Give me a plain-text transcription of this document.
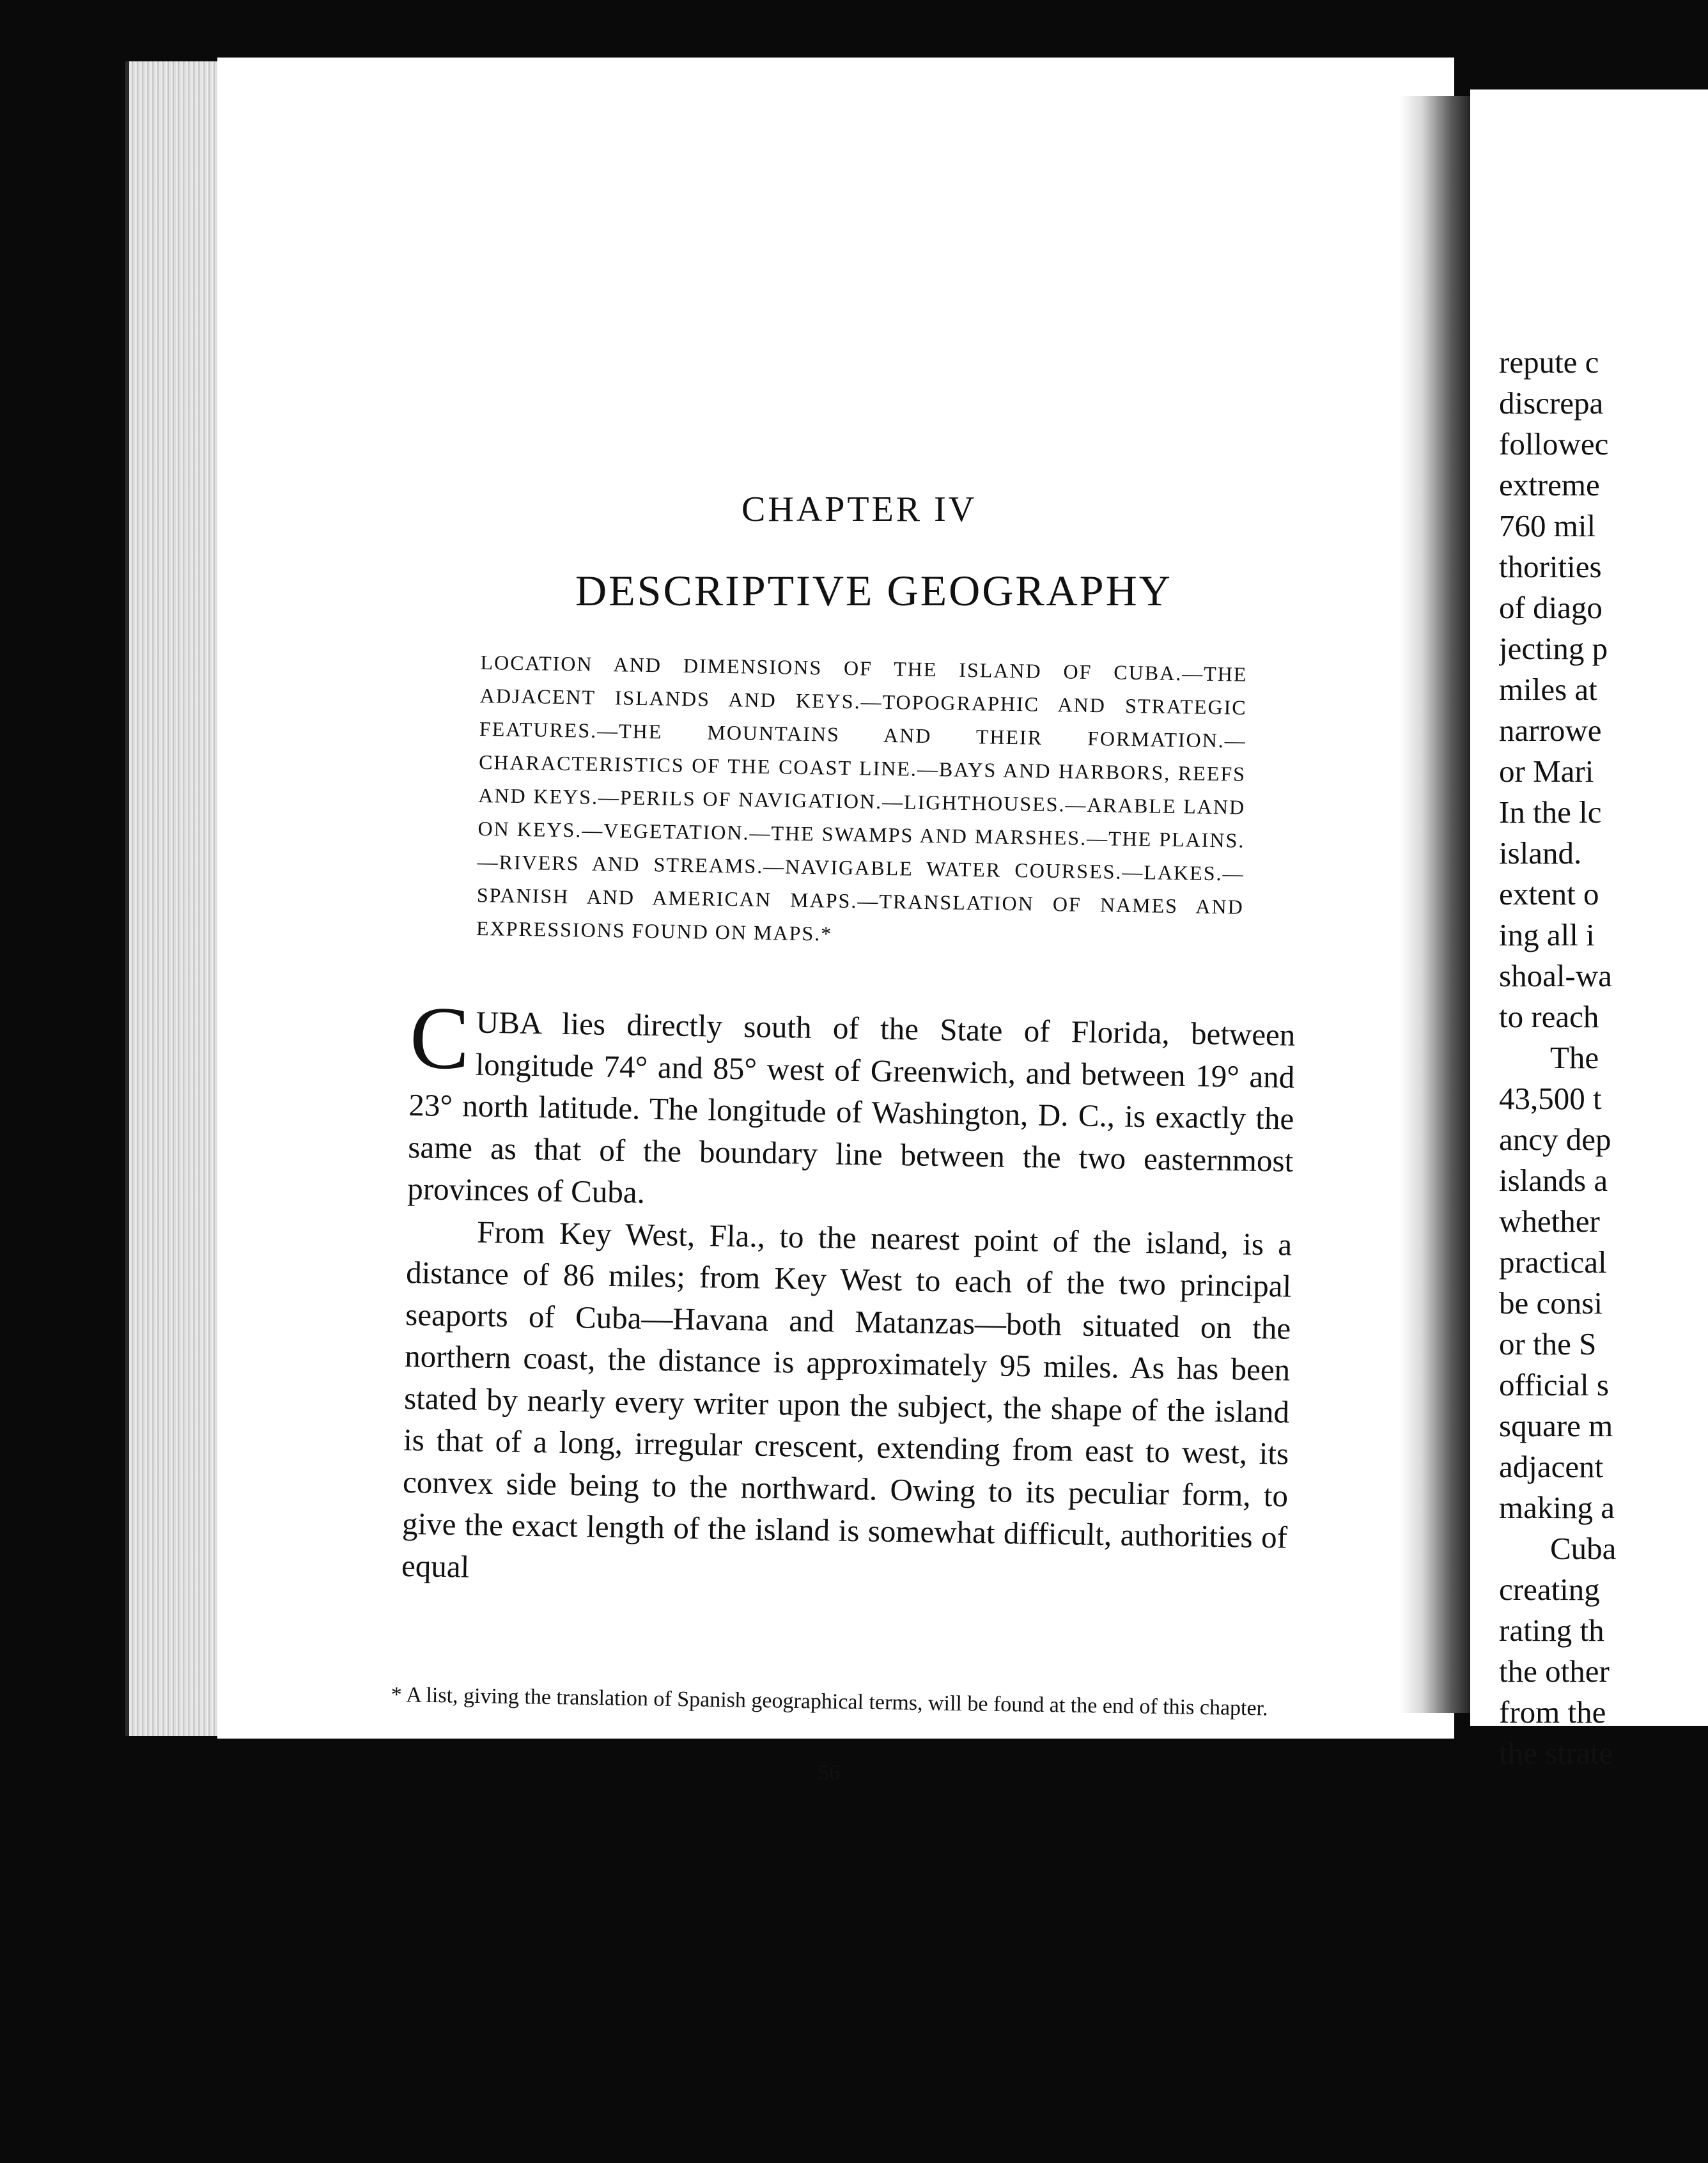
CHAPTER IV
DESCRIPTIVE GEOGRAPHY
LOCATION AND DIMENSIONS OF THE ISLAND OF CUBA.—THE ADJACENT ISLANDS AND KEYS.—TOPOGRAPHIC AND STRATEGIC FEATURES.—THE MOUNTAINS AND THEIR FORMATION.—CHARACTERISTICS OF THE COAST LINE.—BAYS AND HARBORS, REEFS AND KEYS.—PERILS OF NAVIGATION.—LIGHTHOUSES.—ARABLE LAND ON KEYS.—VEGETATION.—THE SWAMPS AND MARSHES.—THE PLAINS.—RIVERS AND STREAMS.—NAVIGABLE WATER COURSES.—LAKES.—SPANISH AND AMERICAN MAPS.—TRANSLATION OF NAMES AND EXPRESSIONS FOUND ON MAPS.*

CUBA lies directly south of the State of Florida, between longitude 74° and 85° west of Greenwich, and between 19° and 23° north latitude. The longitude of Washington, D. C., is exactly the same as that of the boundary line between the two easternmost provinces of Cuba.

From Key West, Fla., to the nearest point of the island, is a distance of 86 miles; from Key West to each of the two principal seaports of Cuba—Havana and Matanzas—both situated on the northern coast, the distance is approximately 95 miles. As has been stated by nearly every writer upon the subject, the shape of the island is that of a long, irregular crescent, extending from east to west, its convex side being to the northward. Owing to its peculiar form, to give the exact length of the island is somewhat difficult, authorities of equal

* A list, giving the translation of Spanish geographical terms, will be found at the end of this chapter.
56
repute c
discrepa
followec
extreme
760 mil
thorities
of diago
jecting p
miles at
narrowe
or Mari
In the lc
island.
extent o
ing all i
shoal-wa
to reach
The
43,500 t
ancy dep
islands a
whether
practical
be consi
or the S
official s
square m
adjacent
making a
Cuba
creating
rating th
the other
from the
the strate
